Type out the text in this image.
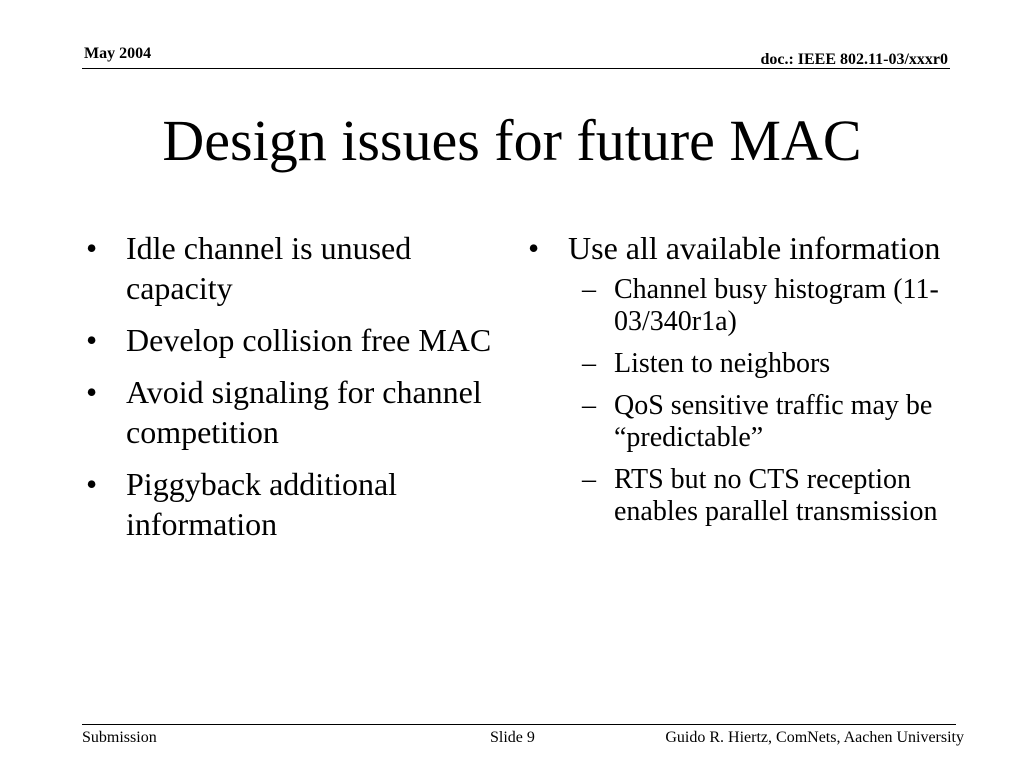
May 2004	doc.: IEEE 802.11-03/xxxr0
Design issues for future MAC
• Idle channel is unused capacity
• Develop collision free MAC
• Avoid signaling for channel competition
• Piggyback additional information
• Use all available information
– Channel busy histogram (11-03/340r1a)
– Listen to neighbors
– QoS sensitive traffic may be “predictable”
– RTS but no CTS reception enables parallel transmission
Submission	Slide 9	Guido R. Hiertz, ComNets, Aachen University
